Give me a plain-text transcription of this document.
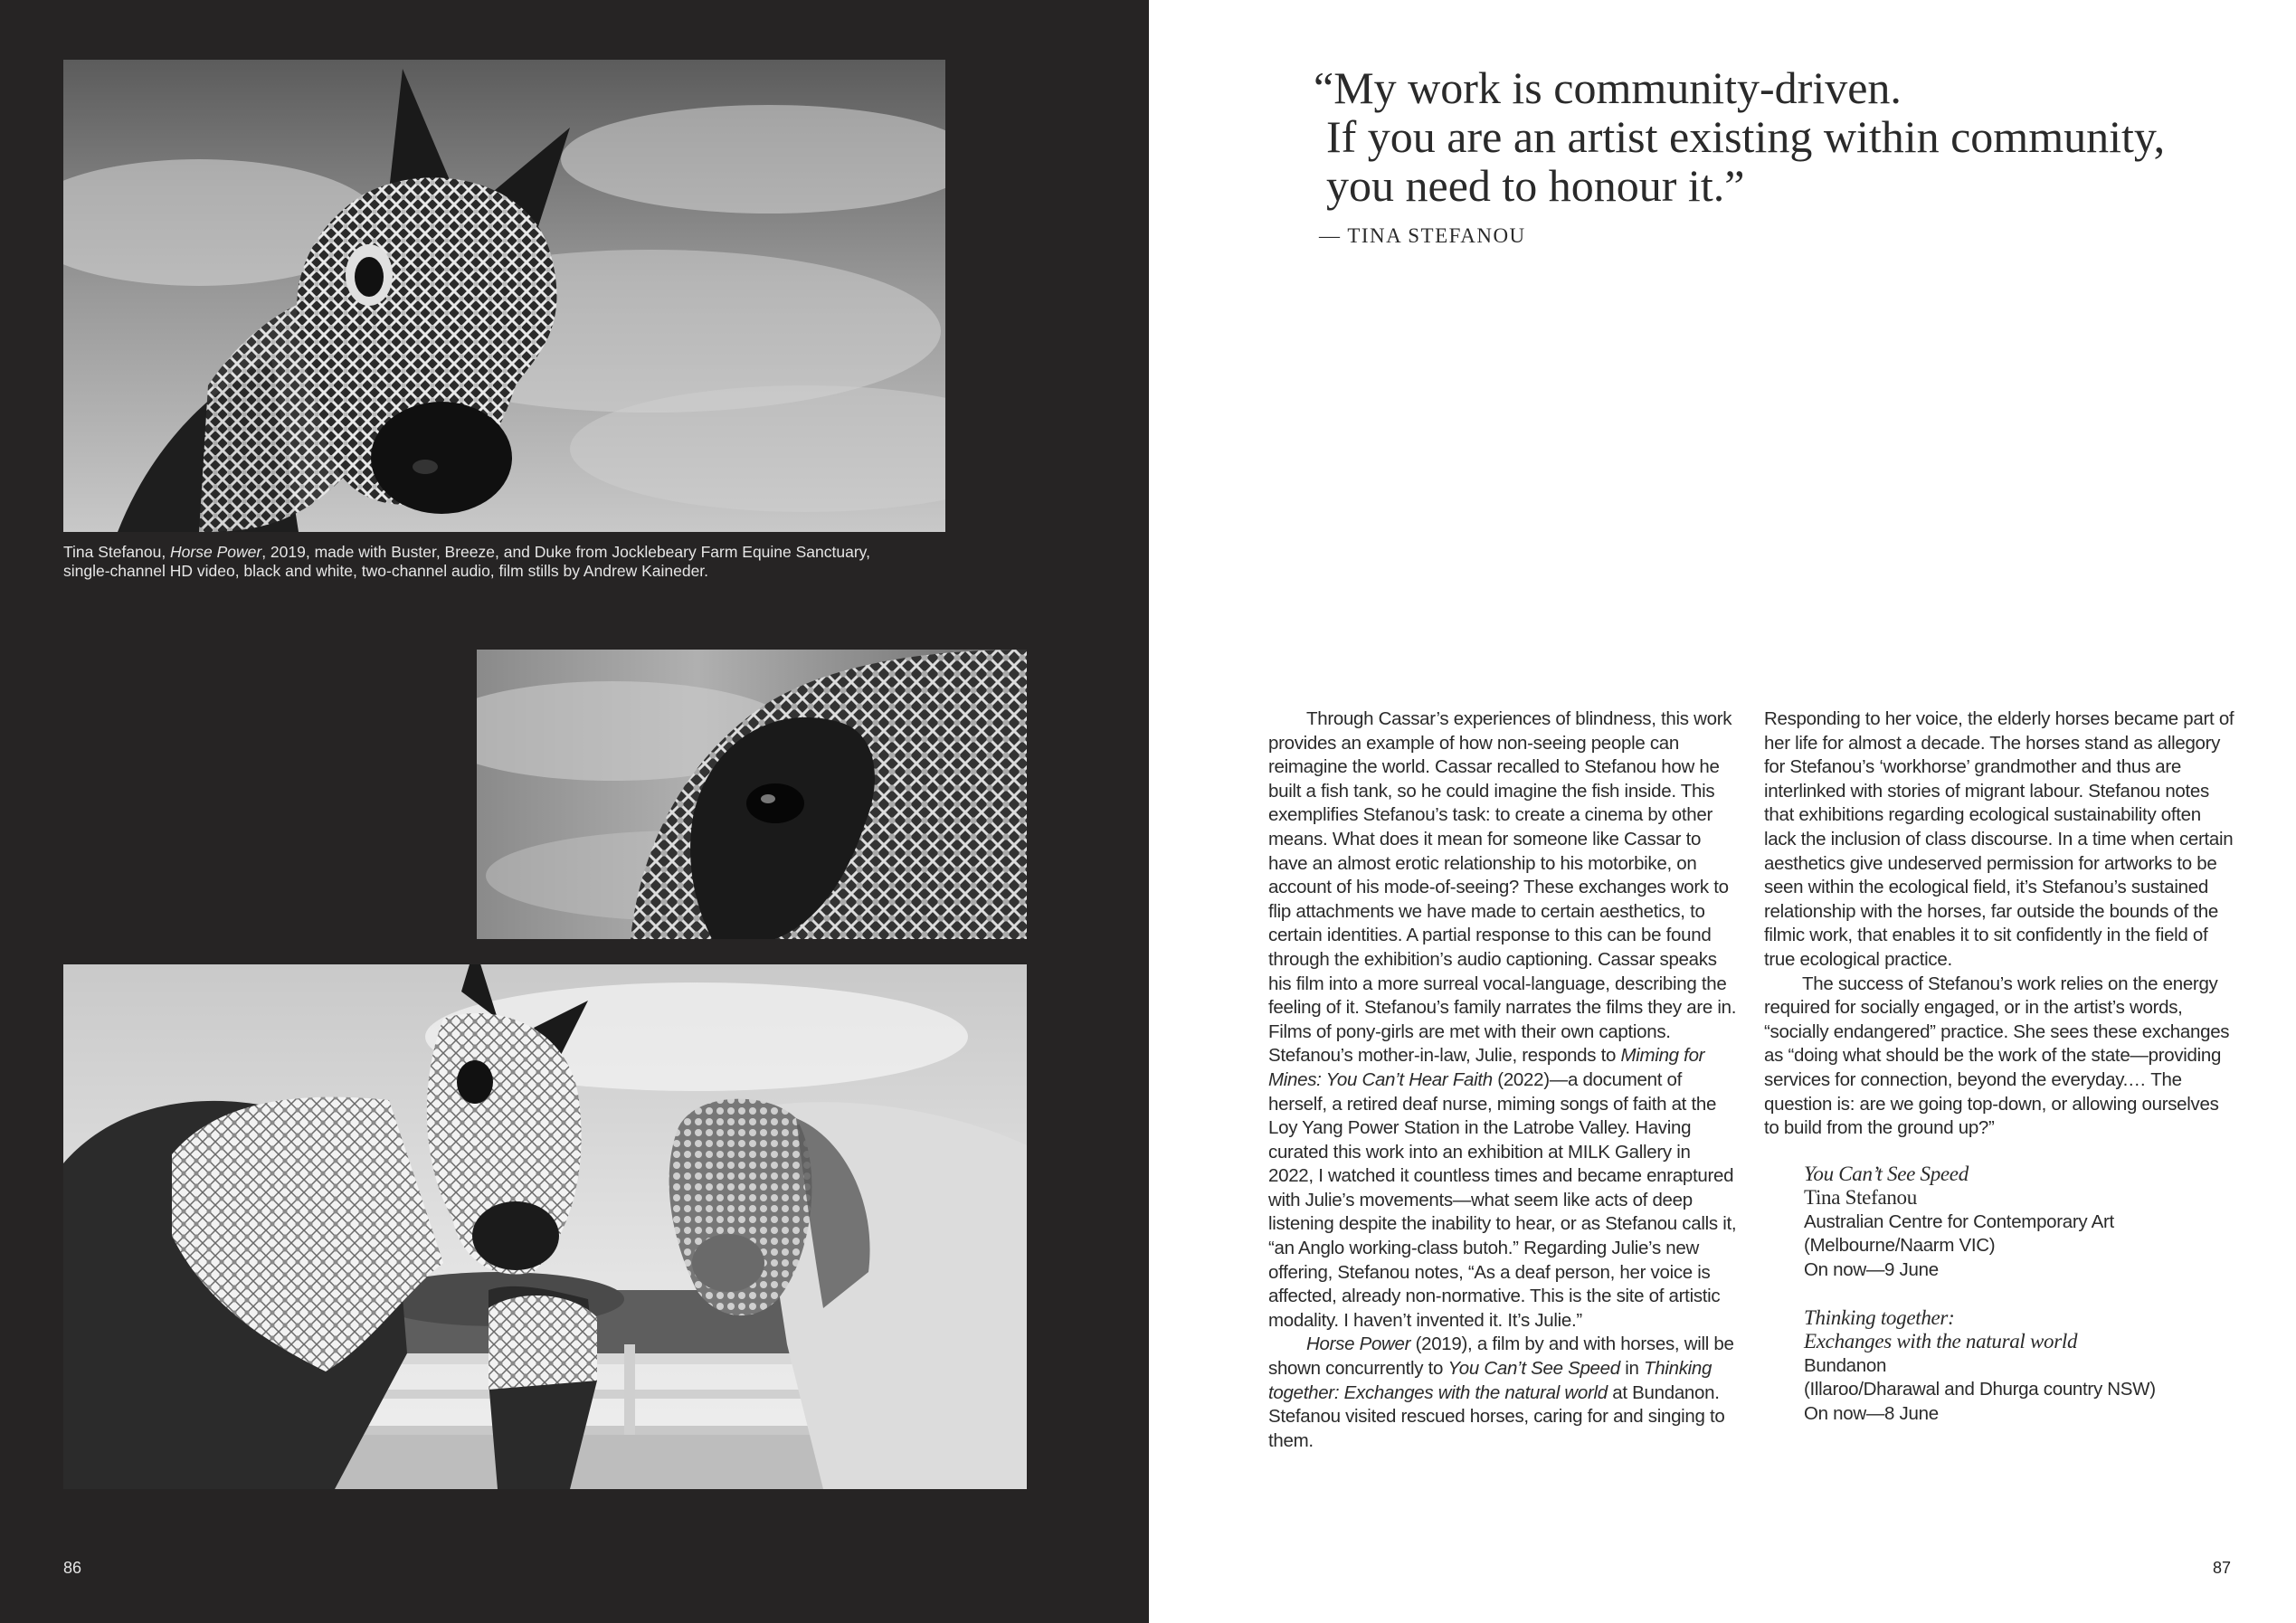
Tina Stefanou, Horse Power, 2019, made with Buster, Breeze, and Duke from Jocklebeary Farm Equine Sanctuary,
single-channel HD video, black and white, two-channel audio, film stills by Andrew Kaineder.
86
“My work is community-driven.
If you are an artist existing within community,
you need to honour it.”
— TINA STEFANOU

Through Cassar’s experiences of blindness, this work provides an example of how non-seeing people can reimagine the world. Cassar recalled to Stefanou how he built a fish tank, so he could imagine the fish inside. This exemplifies Stefanou’s task: to create a cinema by other means. What does it mean for someone like Cassar to have an almost erotic relationship to his motorbike, on account of his mode-of-seeing? These exchanges work to flip attachments we have made to certain aesthetics, to certain identities. A partial response to this can be found through the exhibition’s audio captioning. Cassar speaks his film into a more surreal vocal-language, describing the feeling of it. Stefanou’s family narrates the films they are in. Films of pony-girls are met with their own captions. Stefanou’s mother-in-law, Julie, responds to Miming for Mines: You Can’t Hear Faith (2022)—a document of herself, a retired deaf nurse, miming songs of faith at the Loy Yang Power Station in the Latrobe Valley. Having curated this work into an exhibition at MILK Gallery in 2022, I watched it countless times and became enraptured with Julie’s movements—what seem like acts of deep listening despite the inability to hear, or as Stefanou calls it, “an Anglo working-class butoh.” Regarding Julie’s new offering, Stefanou notes, “As a deaf person, her voice is affected, already non-normative. This is the site of artistic modality. I haven’t invented it. It’s Julie.”

Horse Power (2019), a film by and with horses, will be shown concurrently to You Can’t See Speed in Thinking together: Exchanges with the natural world at Bundanon. Stefanou visited rescued horses, caring for and singing to them.

Responding to her voice, the elderly horses became part of her life for almost a decade. The horses stand as allegory for Stefanou’s ‘workhorse’ grandmother and thus are interlinked with stories of migrant labour. Stefanou notes that exhibitions regarding ecological sustainability often lack the inclusion of class discourse. In a time when certain aesthetics give undeserved permission for artworks to be seen within the ecological field, it’s Stefanou’s sustained relationship with the horses, far outside the bounds of the filmic work, that enables it to sit confidently in the field of true ecological practice.

The success of Stefanou’s work relies on the energy required for socially engaged, or in the artist’s words, “socially endangered” practice. She sees these exchanges as “doing what should be the work of the state—providing services for connection, beyond the everyday.… The question is: are we going top-down, or allowing ourselves to build from the ground up?”

You Can’t See Speed
Tina Stefanou
Australian Centre for Contemporary Art
(Melbourne/Naarm VIC)
On now—9 June
Thinking together:
Exchanges with the natural world
Bundanon
(Illaroo/Dharawal and Dhurga country NSW)
On now—8 June
87
